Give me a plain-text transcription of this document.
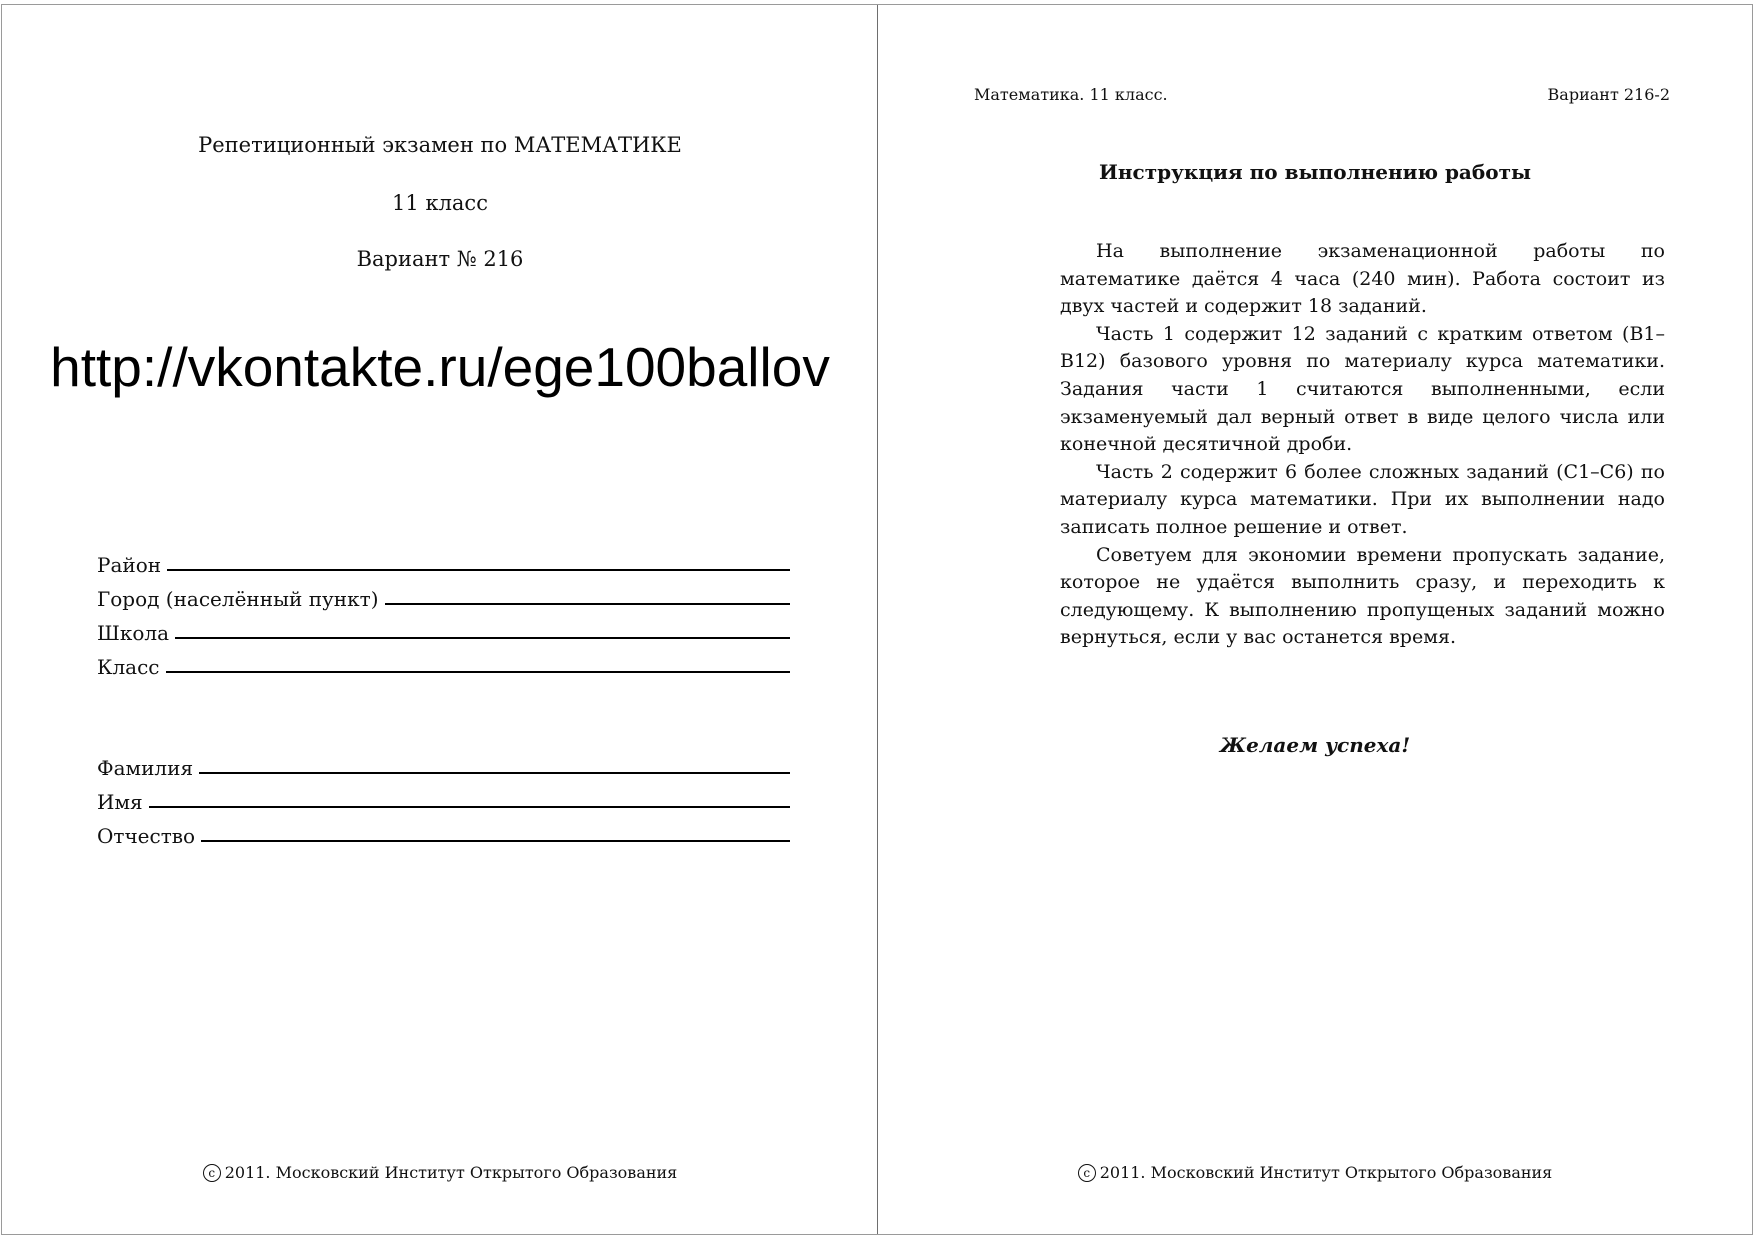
Репетиционный экзамен по МАТЕМАТИКЕ
11 класс
Вариант № 216
http://vkontakte.ru/ege100ballov
Район
Город (населённый пункт)
Школа
Класс
Фамилия
Имя
Отчество
c 2011. Московский Институт Открытого Образования
Математика. 11 класс.	Вариант 216-2
Инструкция по выполнению работы

На выполнение экзаменационной работы по математике даётся 4 часа (240 мин). Работа состоит из двух частей и содержит 18 заданий.

Часть 1 содержит 12 заданий с кратким ответом (B1–B12) базового уровня по материалу курса математики. Задания части 1 считаются выполненными, если экзаменуемый дал верный ответ в виде целого числа или конечной десятичной дроби.

Часть 2 содержит 6 более сложных заданий (C1–C6) по материалу курса математики. При их выполнении надо записать полное решение и ответ.

Советуем для экономии времени пропускать задание, которое не удаётся выполнить сразу, и переходить к следующему. К выполнению пропущеных заданий можно вернуться, если у вас останется время.

Желаем успеха!
c 2011. Московский Институт Открытого Образования
